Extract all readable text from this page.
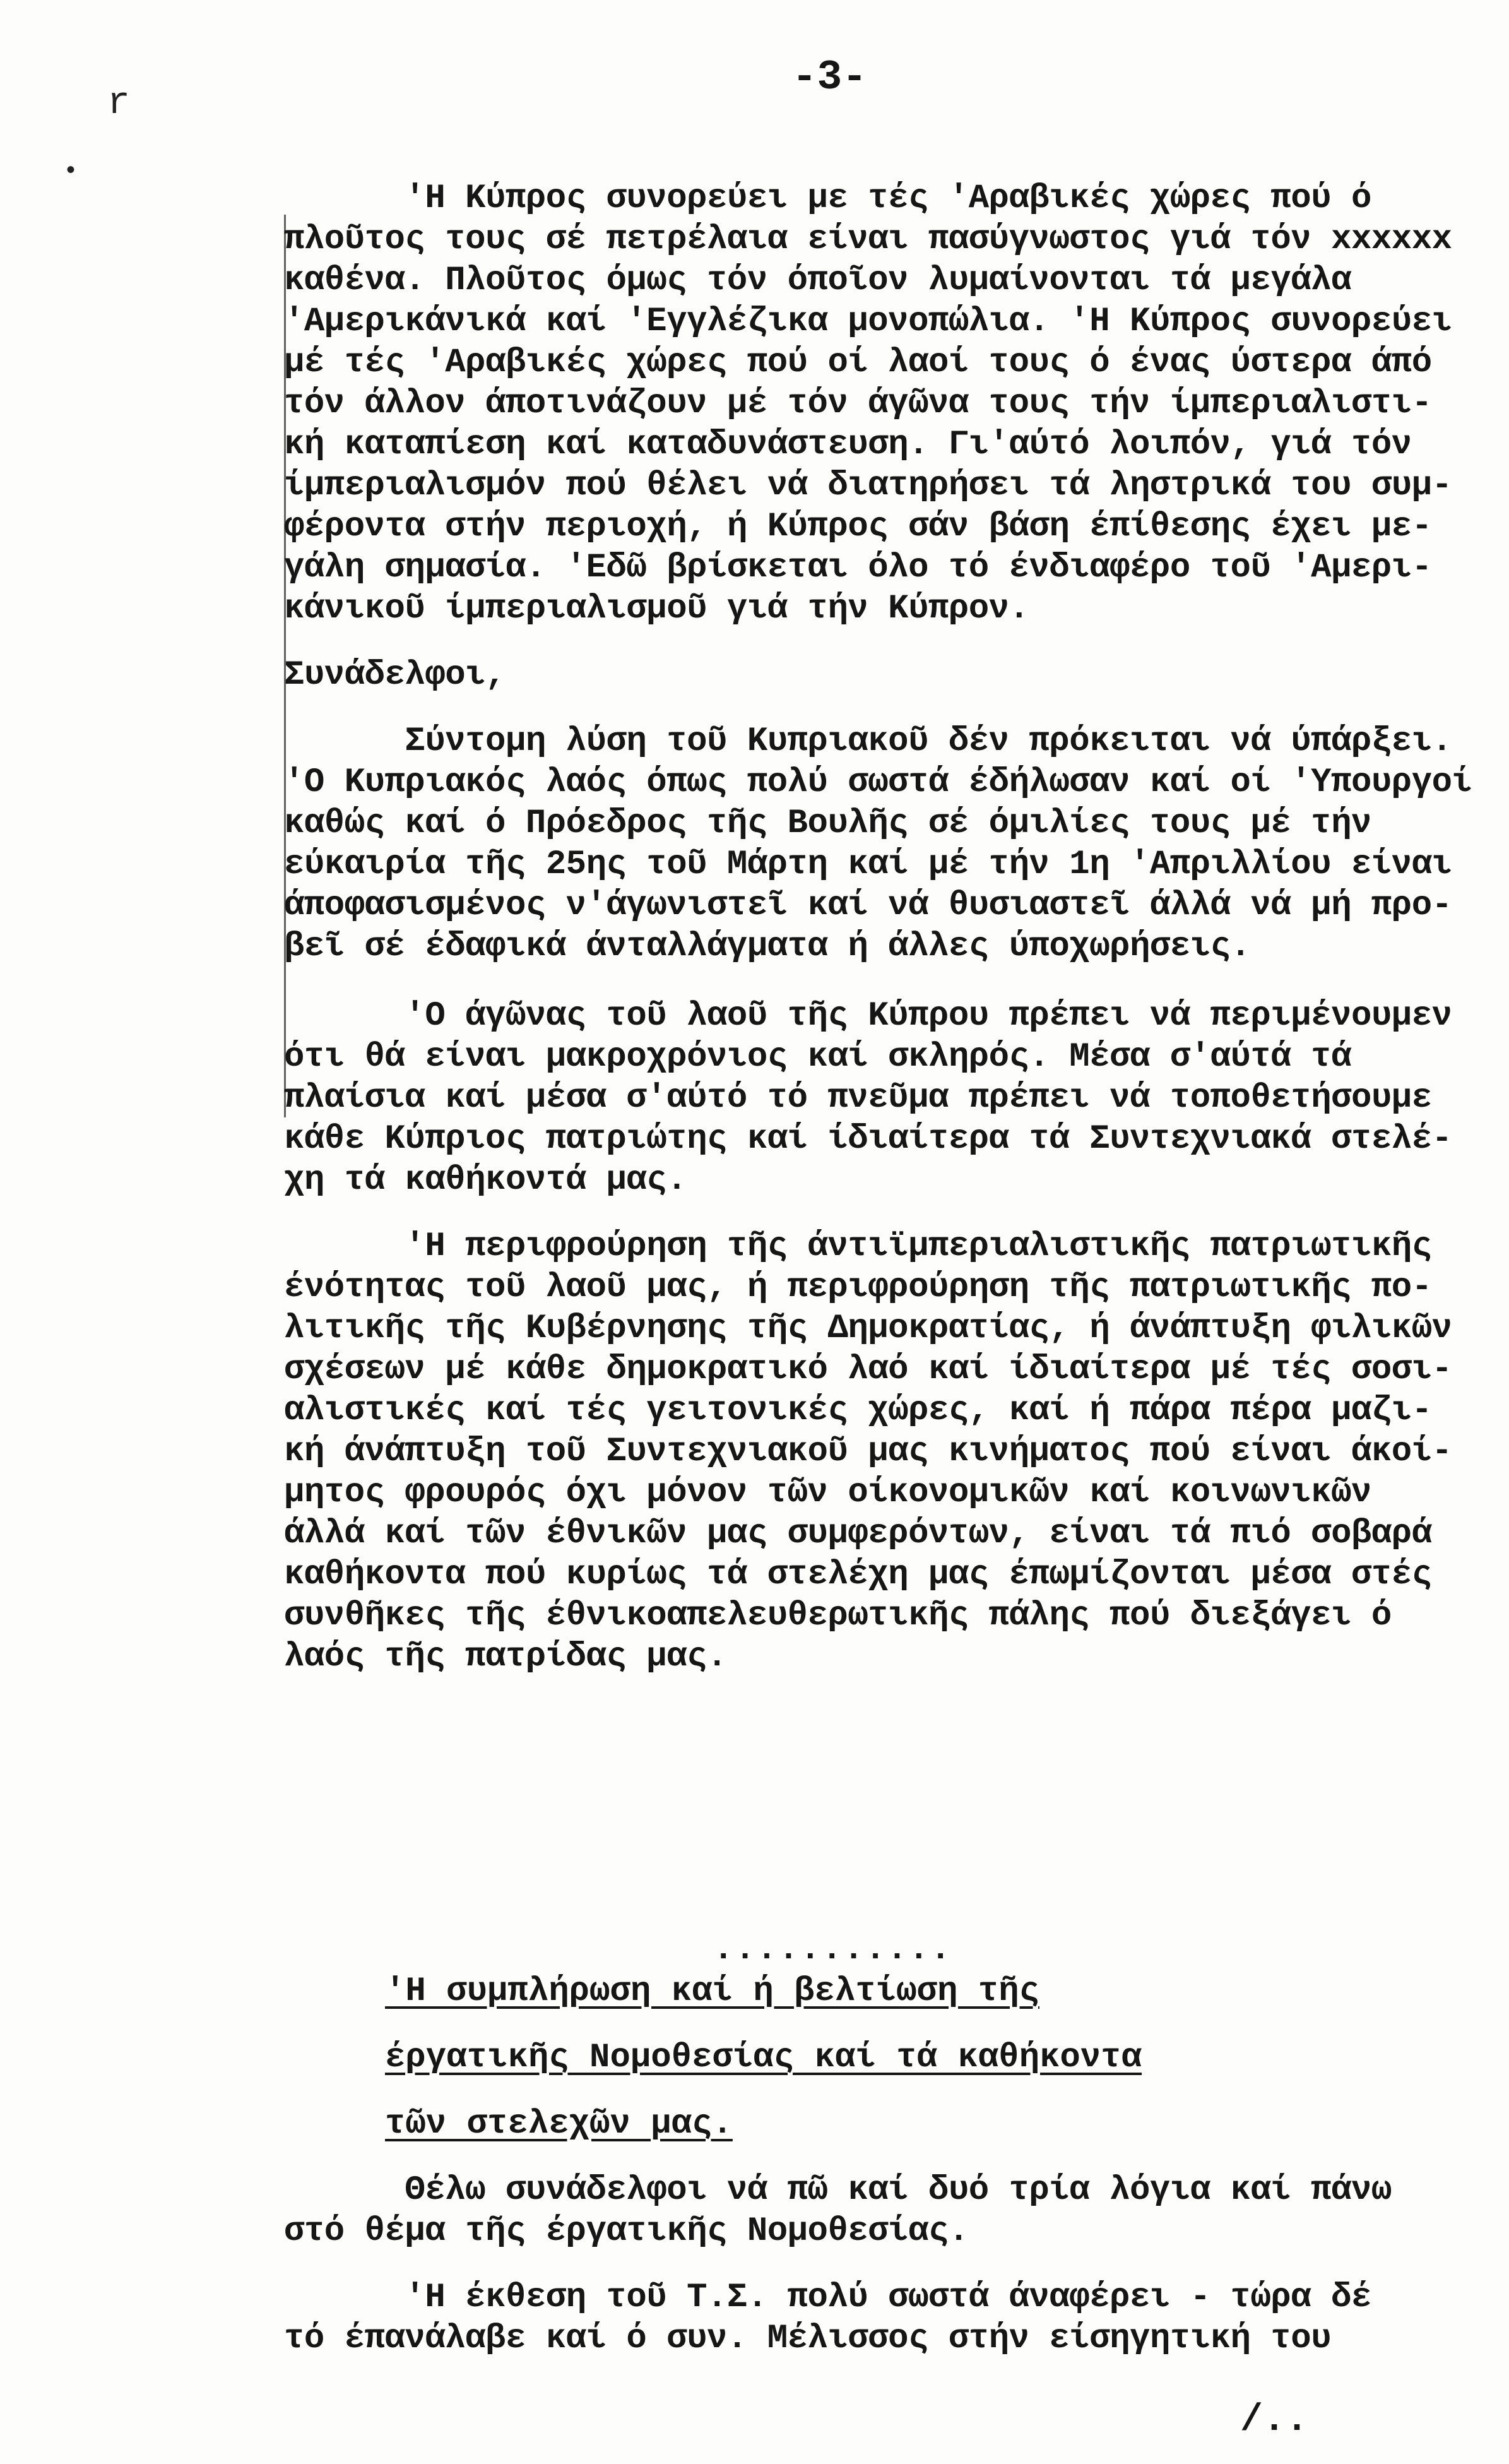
-3-
r
•
'Η Κύπρος συνορεύει με τές 'Αραβικές χώρες πού ό
πλοῦτος τους σέ πετρέλαια είναι πασύγνωστος γιά τόν xxxxxx
καθένα. Πλοῦτος όμως τόν όποῖον λυμαίνονται τά μεγάλα
'Αμερικάνικά καί 'Εγγλέζικα μονοπώλια. 'Η Κύπρος συνορεύει
μέ τές 'Αραβικές χώρες πού οί λαοί τους ό ένας ύστερα άπό
τόν άλλον άποτινάζουν μέ τόν άγῶνα τους τήν ίμπεριαλιστι-
κή καταπίεση καί καταδυνάστευση. Γι'αύτό λοιπόν, γιά τόν
ίμπεριαλισμόν πού θέλει νά διατηρήσει τά ληστρικά του συμ-
φέροντα στήν περιοχή, ή Κύπρος σάν βάση έπίθεσης έχει με-
γάλη σημασία. 'Εδῶ βρίσκεται όλο τό ένδιαφέρο τοῦ 'Αμερι-
κάνικοῦ ίμπεριαλισμοῦ γιά τήν Κύπρον.
Συνάδελφοι,
Σύντομη λύση τοῦ Κυπριακοῦ δέν πρόκειται νά ύπάρξει.
'Ο Κυπριακός λαός όπως πολύ σωστά έδήλωσαν καί οί 'Υπουργοί
καθώς καί ό Πρόεδρος τῆς Βουλῆς σέ όμιλίες τους μέ τήν
εύκαιρία τῆς 25ης τοῦ Μάρτη καί μέ τήν 1η 'Απριλλίου είναι
άποφασισμένος ν'άγωνιστεῖ καί νά θυσιαστεῖ άλλά νά μή προ-
βεῖ σέ έδαφικά άνταλλάγματα ή άλλες ύποχωρήσεις.
'Ο άγῶνας τοῦ λαοῦ τῆς Κύπρου πρέπει νά περιμένουμεν
ότι θά είναι μακροχρόνιος καί σκληρός. Μέσα σ'αύτά τά
πλαίσια καί μέσα σ'αύτό τό πνεῦμα πρέπει νά τοποθετήσουμε
κάθε Κύπριος πατριώτης καί ίδιαίτερα τά Συντεχνιακά στελέ-
χη τά καθήκοντά μας.
'Η περιφρούρηση τῆς άντιϊμπεριαλιστικῆς πατριωτικῆς
ένότητας τοῦ λαοῦ μας, ή περιφρούρηση τῆς πατριωτικῆς πο-
λιτικῆς τῆς Κυβέρνησης τῆς Δημοκρατίας, ή άνάπτυξη φιλικῶν
σχέσεων μέ κάθε δημοκρατικό λαό καί ίδιαίτερα μέ τές σοσι-
αλιστικές καί τές γειτονικές χώρες, καί ή πάρα πέρα μαζι-
κή άνάπτυξη τοῦ Συντεχνιακοῦ μας κινήματος πού είναι άκοί-
μητος φρουρός όχι μόνον τῶν οίκονομικῶν καί κοινωνικῶν
άλλά καί τῶν έθνικῶν μας συμφερόντων, είναι τά πιό σοβαρά
καθήκοντα πού κυρίως τά στελέχη μας έπωμίζονται μέσα στές
συνθῆκες τῆς έθνικοαπελευθερωτικῆς πάλης πού διεξάγει ό
λαός τῆς πατρίδας μας.
...........
'Η συμπλήρωση καί ή βελτίωση τῆς
έργατικῆς Νομοθεσίας καί τά καθήκοντα
τῶν στελεχῶν μας.
Θέλω συνάδελφοι νά πῶ καί δυό τρία λόγια καί πάνω
στό θέμα τῆς έργατικῆς Νομοθεσίας.
'Η έκθεση τοῦ Τ.Σ. πολύ σωστά άναφέρει - τώρα δέ
τό έπανάλαβε καί ό συν. Μέλισσος στήν είσηγητική του
/..
